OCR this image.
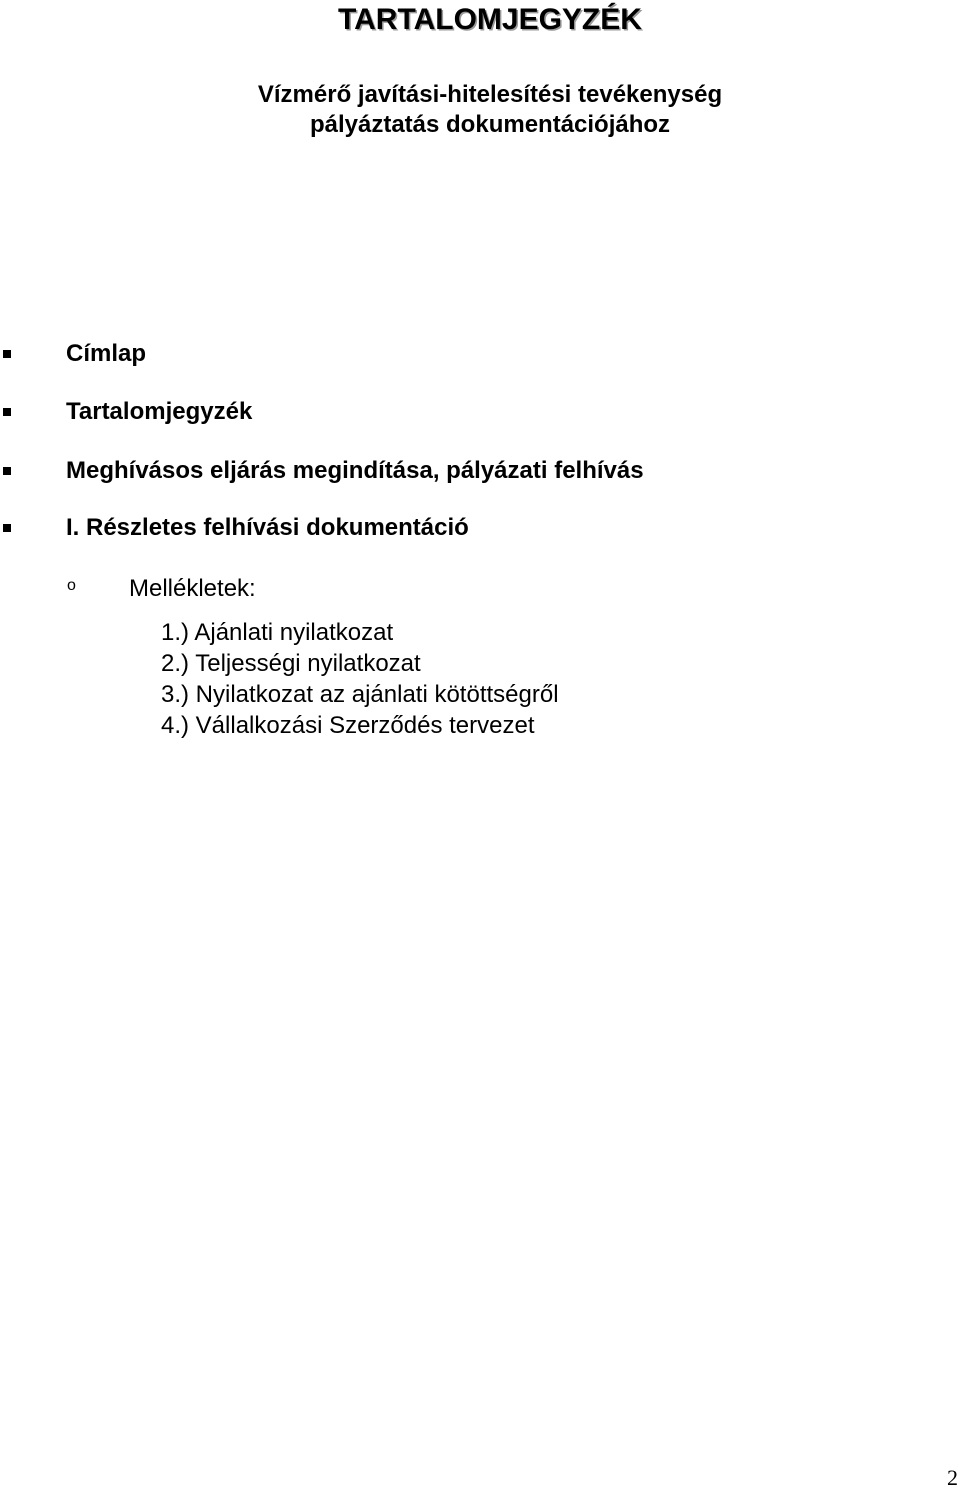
TARTALOMJEGYZÉK
Vízmérő javítási-hitelesítési tevékenység
pályáztatás dokumentációjához
Címlap
Tartalomjegyzék
Meghívásos eljárás megindítása, pályázati felhívás
I. Részletes felhívási dokumentáció
o Mellékletek:
1.) Ajánlati nyilatkozat
2.) Teljességi nyilatkozat
3.) Nyilatkozat az ajánlati kötöttségről
4.) Vállalkozási Szerződés tervezet
2
